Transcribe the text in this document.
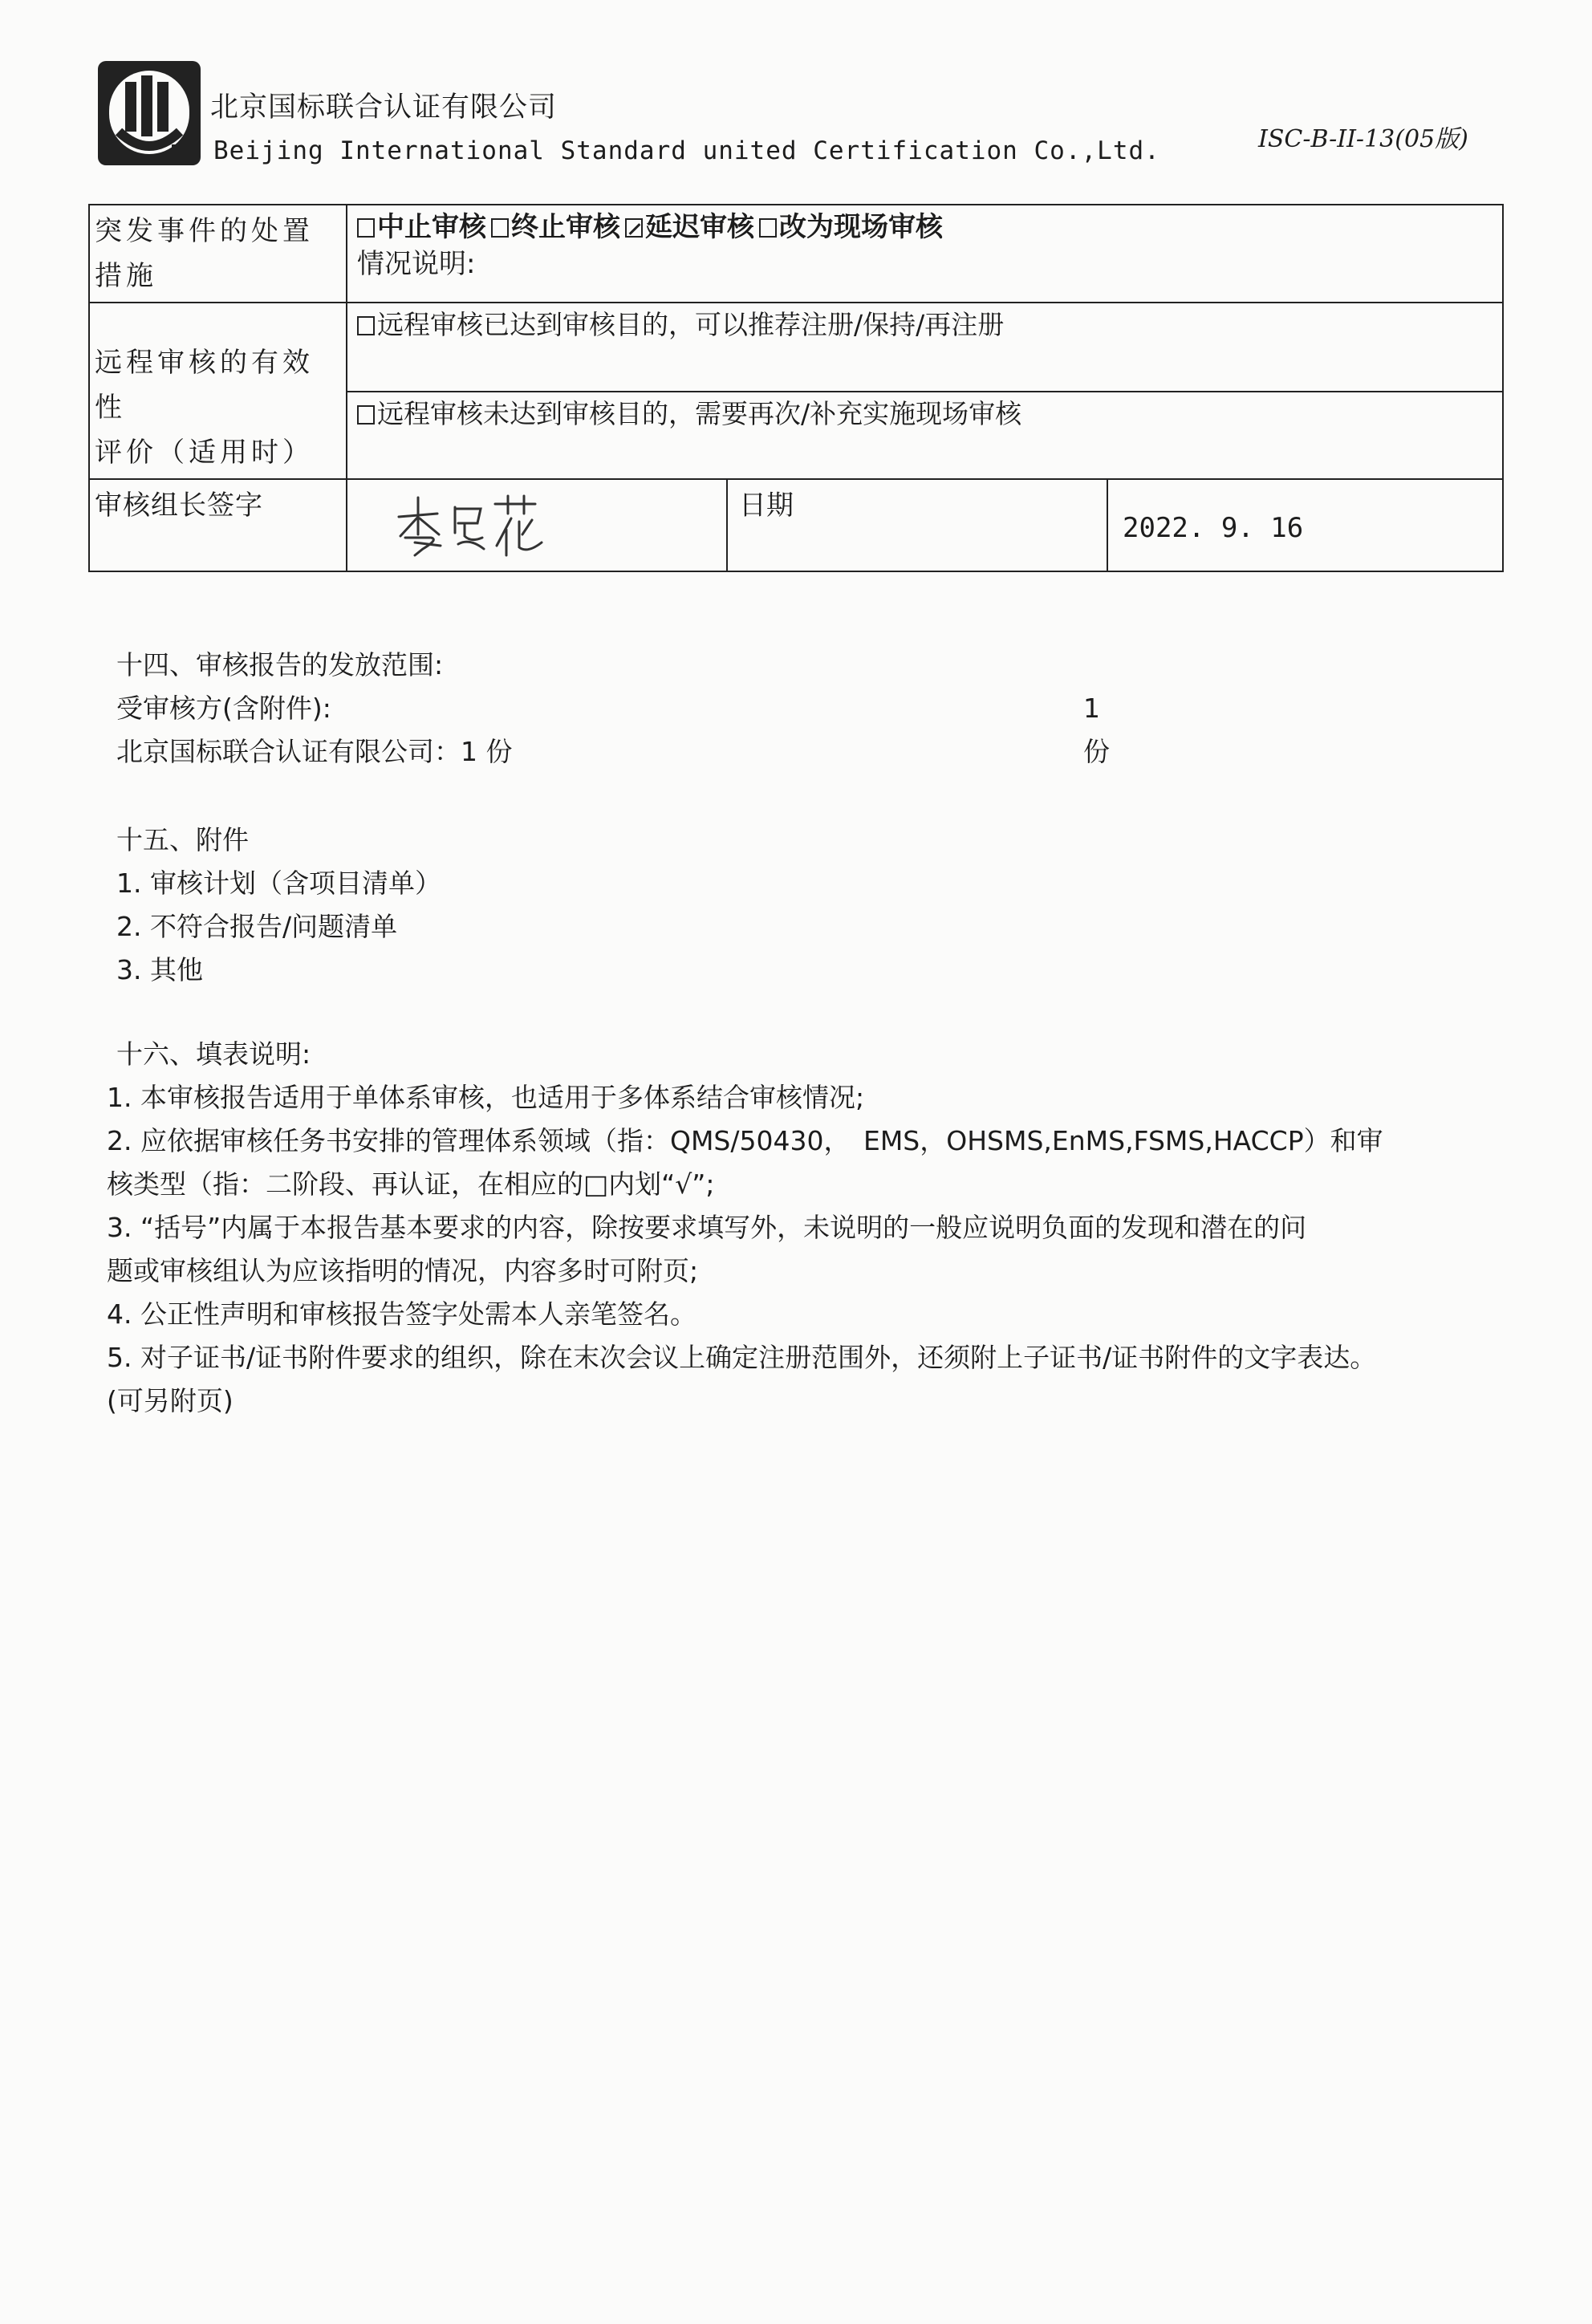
北京国标联合认证有限公司
Beijing International Standard united Certification Co.,Ltd.	ISC-B-II-13(05版)
突发事件的处置措施	中止审核 终止审核 延迟审核 改为现场审核
情况说明:		

远程审核的有效性
评价（适用时）	远程审核已达到审核目的，可以推荐注册/保持/再注册		

	远程审核未达到审核目的，需要再次/补充实施现场审核		

审核组长签字		日期	2022. 9. 16

十四、审核报告的发放范围:

受审核方(含附件):	1 份

北京国标联合认证有限公司：1 份

十五、附件

1. 审核计划（含项目清单）

2. 不符合报告/问题清单

3. 其他

十六、填表说明:

1. 本审核报告适用于单体系审核，也适用于多体系结合审核情况;

2. 应依据审核任务书安排的管理体系领域（指：QMS/50430，　EMS，OHSMS,EnMS,FSMS,HACCP）和审

核类型（指：二阶段、再认证，在相应的□内划“√”;

3. “括号”内属于本报告基本要求的内容，除按要求填写外，未说明的一般应说明负面的发现和潜在的问

题或审核组认为应该指明的情况，内容多时可附页;

4. 公正性声明和审核报告签字处需本人亲笔签名。

5. 对子证书/证书附件要求的组织，除在末次会议上确定注册范围外，还须附上子证书/证书附件的文字表达。

(可另附页)
